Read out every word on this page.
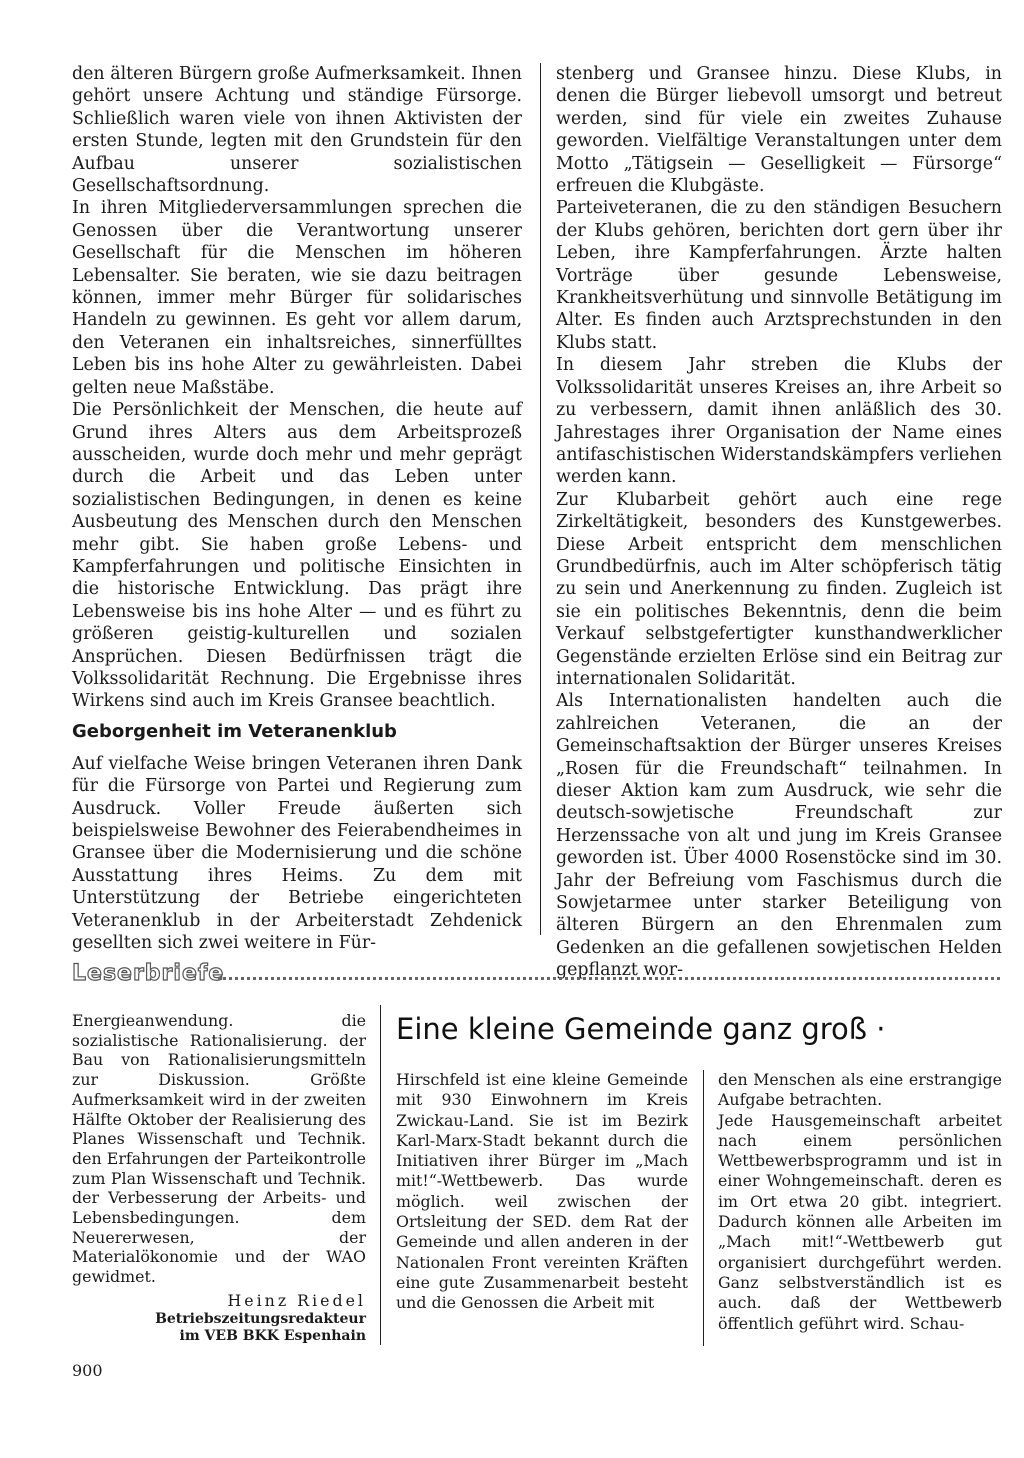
den älteren Bürgern große Aufmerksamkeit. Ihnen gehört unsere Achtung und ständige Fürsorge. Schließlich waren viele von ihnen Aktivisten der ersten Stunde, legten mit den Grundstein für den Aufbau unserer sozialistischen Gesellschaftsordnung.

In ihren Mitgliederversammlungen sprechen die Genossen über die Verantwortung unserer Gesellschaft für die Menschen im höheren Lebensalter. Sie beraten, wie sie dazu beitragen können, immer mehr Bürger für solidarisches Handeln zu gewinnen. Es geht vor allem darum, den Veteranen ein inhaltsreiches, sinnerfülltes Leben bis ins hohe Alter zu gewährleisten. Dabei gelten neue Maßstäbe.

Die Persönlichkeit der Menschen, die heute auf Grund ihres Alters aus dem Arbeitsprozeß ausscheiden, wurde doch mehr und mehr geprägt durch die Arbeit und das Leben unter sozialistischen Bedingungen, in denen es keine Ausbeutung des Menschen durch den Menschen mehr gibt. Sie haben große Lebens- und Kampferfahrungen und politische Einsichten in die historische Entwicklung. Das prägt ihre Lebensweise bis ins hohe Alter — und es führt zu größeren geistig-kulturellen und sozialen Ansprüchen. Diesen Bedürfnissen trägt die Volkssolidarität Rechnung. Die Ergebnisse ihres Wirkens sind auch im Kreis Gransee beachtlich.

Geborgenheit im Veteranenklub

Auf vielfache Weise bringen Veteranen ihren Dank für die Fürsorge von Partei und Regierung zum Ausdruck. Voller Freude äußerten sich beispielsweise Bewohner des Feierabendheimes in Gransee über die Modernisierung und die schöne Ausstattung ihres Heims. Zu dem mit Unterstützung der Betriebe eingerichteten Veteranenklub in der Arbeiterstadt Zehdenick gesellten sich zwei weitere in Für-

stenberg und Gransee hinzu. Diese Klubs, in denen die Bürger liebevoll umsorgt und betreut werden, sind für viele ein zweites Zuhause geworden. Vielfältige Veranstaltungen unter dem Motto „Tätigsein — Geselligkeit — Fürsorge“ erfreuen die Klubgäste.

Parteiveteranen, die zu den ständigen Besuchern der Klubs gehören, berichten dort gern über ihr Leben, ihre Kampferfahrungen. Ärzte halten Vorträge über gesunde Lebensweise, Krankheitsverhütung und sinnvolle Betätigung im Alter. Es finden auch Arztsprechstunden in den Klubs statt.

In diesem Jahr streben die Klubs der Volkssolidarität unseres Kreises an, ihre Arbeit so zu verbessern, damit ihnen anläßlich des 30. Jahrestages ihrer Organisation der Name eines antifaschistischen Widerstandskämpfers verliehen werden kann.

Zur Klubarbeit gehört auch eine rege Zirkeltätigkeit, besonders des Kunstgewerbes. Diese Arbeit entspricht dem menschlichen Grundbedürfnis, auch im Alter schöpferisch tätig zu sein und Anerkennung zu finden. Zugleich ist sie ein politisches Bekenntnis, denn die beim Verkauf selbstgefertigter kunsthandwerklicher Gegenstände erzielten Erlöse sind ein Beitrag zur internationalen Solidarität.

Als Internationalisten handelten auch die zahlreichen Veteranen, die an der Gemeinschaftsaktion der Bürger unseres Kreises „Rosen für die Freundschaft“ teilnahmen. In dieser Aktion kam zum Ausdruck, wie sehr die deutsch-sowjetische Freundschaft zur Herzenssache von alt und jung im Kreis Gransee geworden ist. Über 4000 Rosenstöcke sind im 30. Jahr der Befreiung vom Faschismus durch die Sowjetarmee unter starker Beteiligung von älteren Bürgern an den Ehrenmalen zum Gedenken an die gefallenen sowjetischen Helden gepflanzt wor-

Leserbriefe

Energieanwendung. die sozialistische Rationalisierung. der Bau von Rationalisierungsmitteln zur Diskussion. Größte Aufmerksamkeit wird in der zweiten Hälfte Oktober der Realisierung des Planes Wissenschaft und Technik. den Erfahrungen der Parteikontrolle zum Plan Wissenschaft und Technik. der Verbesserung der Arbeits- und Lebensbedingungen. dem Neuererwesen, der Materialökonomie und der WAO gewidmet.

Heinz Riedel
Betriebszeitungsredakteur
im VEB BKK Espenhain
Eine kleine Gemeinde ganz groß ·

Hirschfeld ist eine kleine Gemeinde mit 930 Einwohnern im Kreis Zwickau-Land. Sie ist im Bezirk Karl-Marx-Stadt bekannt durch die Initiativen ihrer Bürger im „Mach mit!“-Wettbewerb. Das wurde möglich. weil zwischen der Ortsleitung der SED. dem Rat der Gemeinde und allen anderen in der Nationalen Front vereinten Kräften eine gute Zusammenarbeit besteht und die Genossen die Arbeit mit

den Menschen als eine erstrangige Aufgabe betrachten.

Jede Hausgemeinschaft arbeitet nach einem persönlichen Wettbewerbsprogramm und ist in einer Wohngemeinschaft. deren es im Ort etwa 20 gibt. integriert. Dadurch können alle Arbeiten im „Mach mit!“-Wettbewerb gut organisiert durchgeführt werden. Ganz selbstverständlich ist es auch. daß der Wettbewerb öffentlich geführt wird. Schau-

900
